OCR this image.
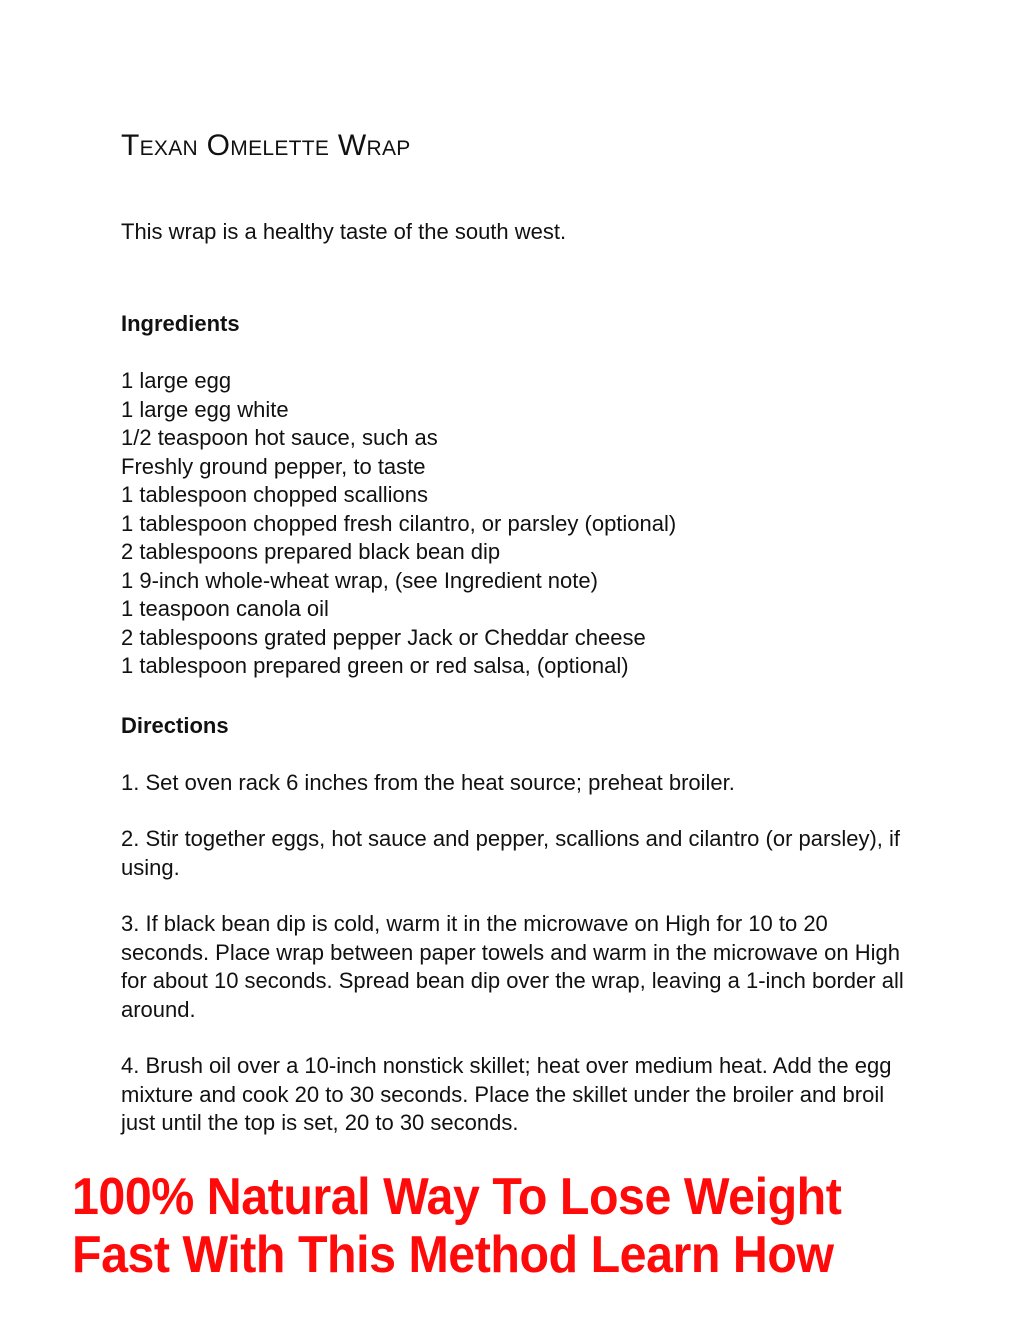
Texan Omelette Wrap

This wrap is a healthy taste of the south west.

Ingredients
1 large egg
1 large egg white
1/2 teaspoon hot sauce, such as
Freshly ground pepper, to taste
1 tablespoon chopped scallions
1 tablespoon chopped fresh cilantro, or parsley (optional)
2 tablespoons prepared black bean dip
1 9-inch whole-wheat wrap, (see Ingredient note)
1 teaspoon canola oil
2 tablespoons grated pepper Jack or Cheddar cheese
1 tablespoon prepared green or red salsa, (optional)
Directions
1. Set oven rack 6 inches from the heat source; preheat broiler.
2. Stir together eggs, hot sauce and pepper, scallions and cilantro (or parsley), if using.
3. If black bean dip is cold, warm it in the microwave on High for 10 to 20 seconds. Place wrap between paper towels and warm in the microwave on High for about 10 seconds. Spread bean dip over the wrap, leaving a 1-inch border all around.
4. Brush oil over a 10-inch nonstick skillet; heat over medium heat. Add the egg mixture and cook 20 to 30 seconds. Place the skillet under the broiler and broil just until the top is set, 20 to 30 seconds.
100% Natural Way To Lose Weight
Fast With This Method Learn How
